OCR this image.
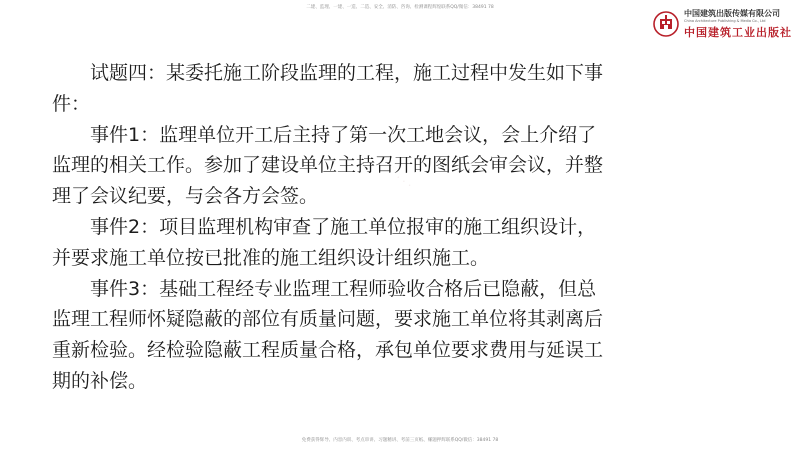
二建、监理、一建、一造、二造、安全、消防、咨询、检测课程辉煌联系QQ/微信：38491 78
中国建筑出版传媒有限公司
China Architecture Publishing & Media Co., Ltd
中国建筑工业出版社
· · ·

试题四：某委托施工阶段监理的工程，施工过程中发生如下事件：

事件1：监理单位开工后主持了第一次工地会议，会上介绍了监理的相关工作。参加了建设单位主持召开的图纸会审会议，并整理了会议纪要，与会各方会签。

事件2：项目监理机构审查了施工单位报审的施工组织设计，并要求施工单位按已批准的施工组织设计组织施工。

事件3：基础工程经专业监理工程师验收合格后已隐蔽，但总监理工程师怀疑隐蔽的部位有质量问题，要求施工单位将其剥离后重新检验。经检验隐蔽工程质量合格，承包单位要求费用与延误工期的补偿。

免费获得辉导、内容内训、考点串讲、习题精讲、考前三页纸、赚题押辉联系QQ/微信：38491 78
